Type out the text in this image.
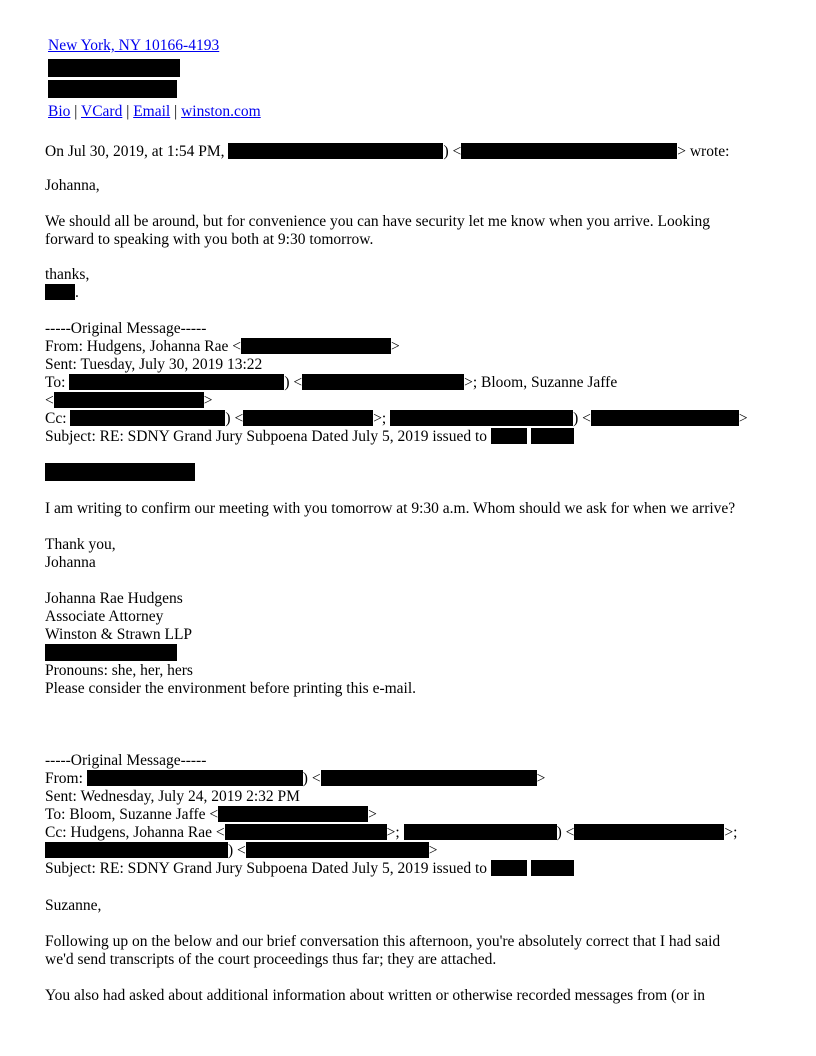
New York, NY 10166-4193
Bio | VCard | Email | winston.com
On Jul 30, 2019, at 1:54 PM,	) <	> wrote:
Johanna,
We should all be around, but for convenience you can have security let me know when you arrive. Looking
forward to speaking with you both at 9:30 tomorrow.
thanks,
.
-----Original Message-----
From: Hudgens, Johanna Rae <	>
Sent: Tuesday, July 30, 2019 13:22
To:	) <	>; Bloom, Suzanne Jaffe
<	>
Cc:	) <	>;	) <	>
Subject: RE: SDNY Grand Jury Subpoena Dated July 5, 2019 issued to
I am writing to confirm our meeting with you tomorrow at 9:30 a.m. Whom should we ask for when we arrive?
Thank you,
Johanna
Johanna Rae Hudgens
Associate Attorney
Winston & Strawn LLP
Pronouns: she, her, hers
Please consider the environment before printing this e-mail.
-----Original Message-----
From:	) <	>
Sent: Wednesday, July 24, 2019 2:32 PM
To: Bloom, Suzanne Jaffe <	>
Cc: Hudgens, Johanna Rae <	>;	) <	>;
) <	>
Subject: RE: SDNY Grand Jury Subpoena Dated July 5, 2019 issued to
Suzanne,
Following up on the below and our brief conversation this afternoon, you're absolutely correct that I had said
we'd send transcripts of the court proceedings thus far; they are attached.
You also had asked about additional information about written or otherwise recorded messages from (or in
